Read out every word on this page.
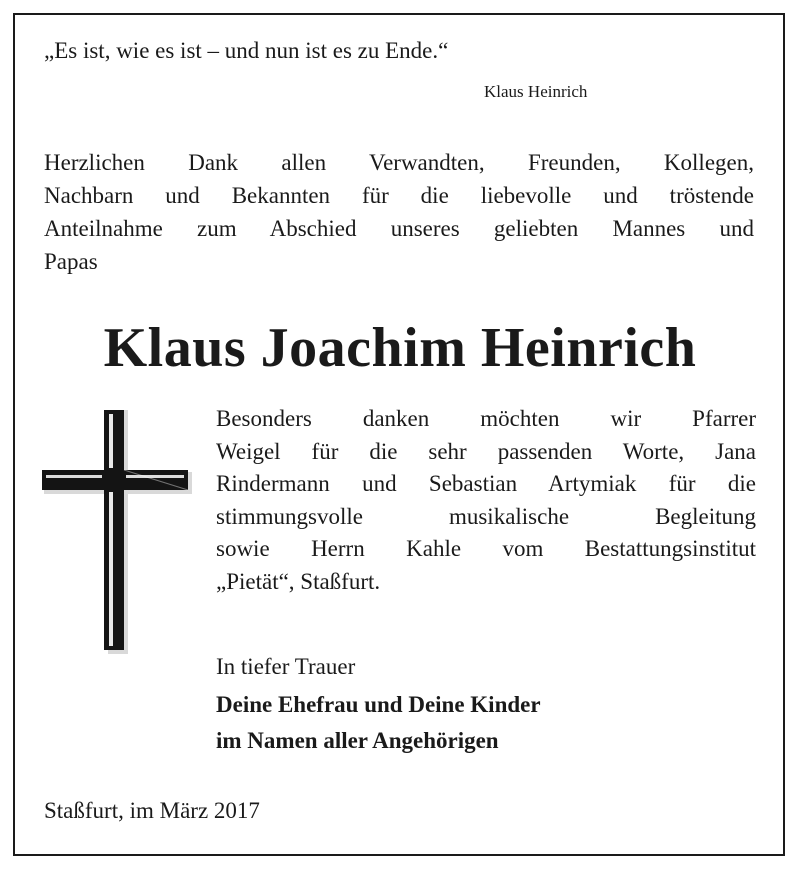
„Es ist, wie es ist – und nun ist es zu Ende.“
Klaus Heinrich
Herzlichen Dank allen Verwandten, Freunden, Kollegen,
Nachbarn und Bekannten für die liebevolle und tröstende
Anteilnahme zum Abschied unseres geliebten Mannes und
Papas
Klaus Joachim Heinrich
Besonders danken möchten wir Pfarrer
Weigel für die sehr passenden Worte, Jana
Rindermann und Sebastian Artymiak für die
stimmungsvolle musikalische Begleitung
sowie Herrn Kahle vom Bestattungsinstitut
„Pietät“, Staßfurt.
In tiefer Trauer
Deine Ehefrau und Deine Kinder
im Namen aller Angehörigen
Staßfurt, im März 2017
